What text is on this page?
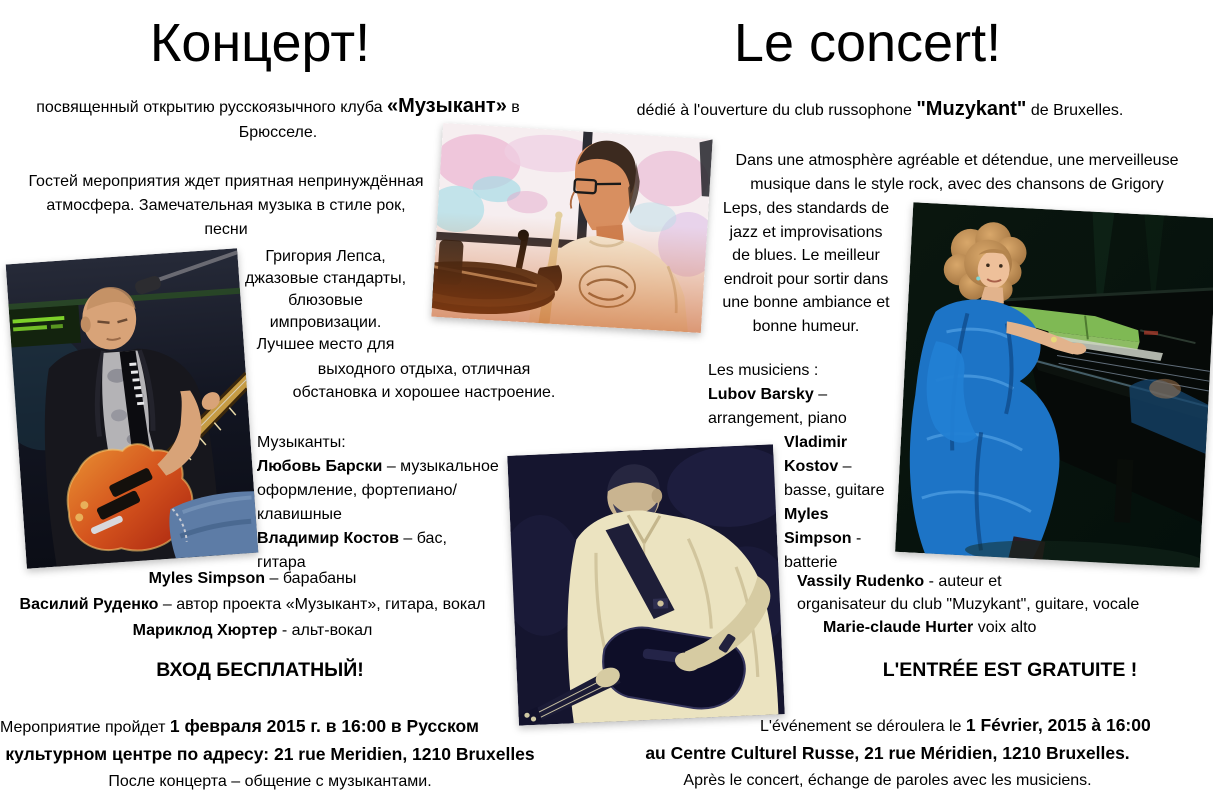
Концерт!
посвященный открытию русскоязычного клуба «Музыкант» в
Брюсселе.
Гостей мероприятия ждет приятная непринуждённая
атмосфера. Замечательная музыка в стиле рок,
песни
Григория Лепса,
джазовые стандарты,
блюзовые
импровизации.
Лучшее место для
выходного отдыха, отличная
обстановка и хорошее настроение.
Музыканты:
Любовь Барски – музыкальное
оформление, фортепиано/
клавишные
Владимир Костов – бас,
гитара
Myles Simpson – барабаны
Василий Руденко – автор проекта «Музыкант», гитара, вокал
Мариклод Хюртер - альт-вокал
ВХОД БЕСПЛАТНЫЙ!
Мероприятие пройдет 1 февраля 2015 г. в 16:00 в Русском
культурном центре по адресу: 21 rue Meridien, 1210 Bruxelles
После концерта – общение с музыкантами.
Le concert!
dédié à l'ouverture du club russophone "Muzykant" de Bruxelles.
Dans une atmosphère agréable et détendue, une merveilleuse
musique dans le style rock, avec des chansons de Grigory
Leps, des standards de
jazz et improvisations
de blues. Le meilleur
endroit pour sortir dans
une bonne ambiance et
bonne humeur.
Les musiciens :
Lubov Barsky –
arrangement, piano
Vladimir
Kostov –
basse, guitare
Myles
Simpson -
batterie
Vassily Rudenko - auteur et
organisateur du club "Muzykant", guitare, vocale
Marie-claude Hurter voix alto
L'ENTRÉE EST GRATUITE !
L'événement se déroulera le 1 Février, 2015 à 16:00
au Centre Culturel Russe, 21 rue Méridien, 1210 Bruxelles.
Après le concert, échange de paroles avec les musiciens.
